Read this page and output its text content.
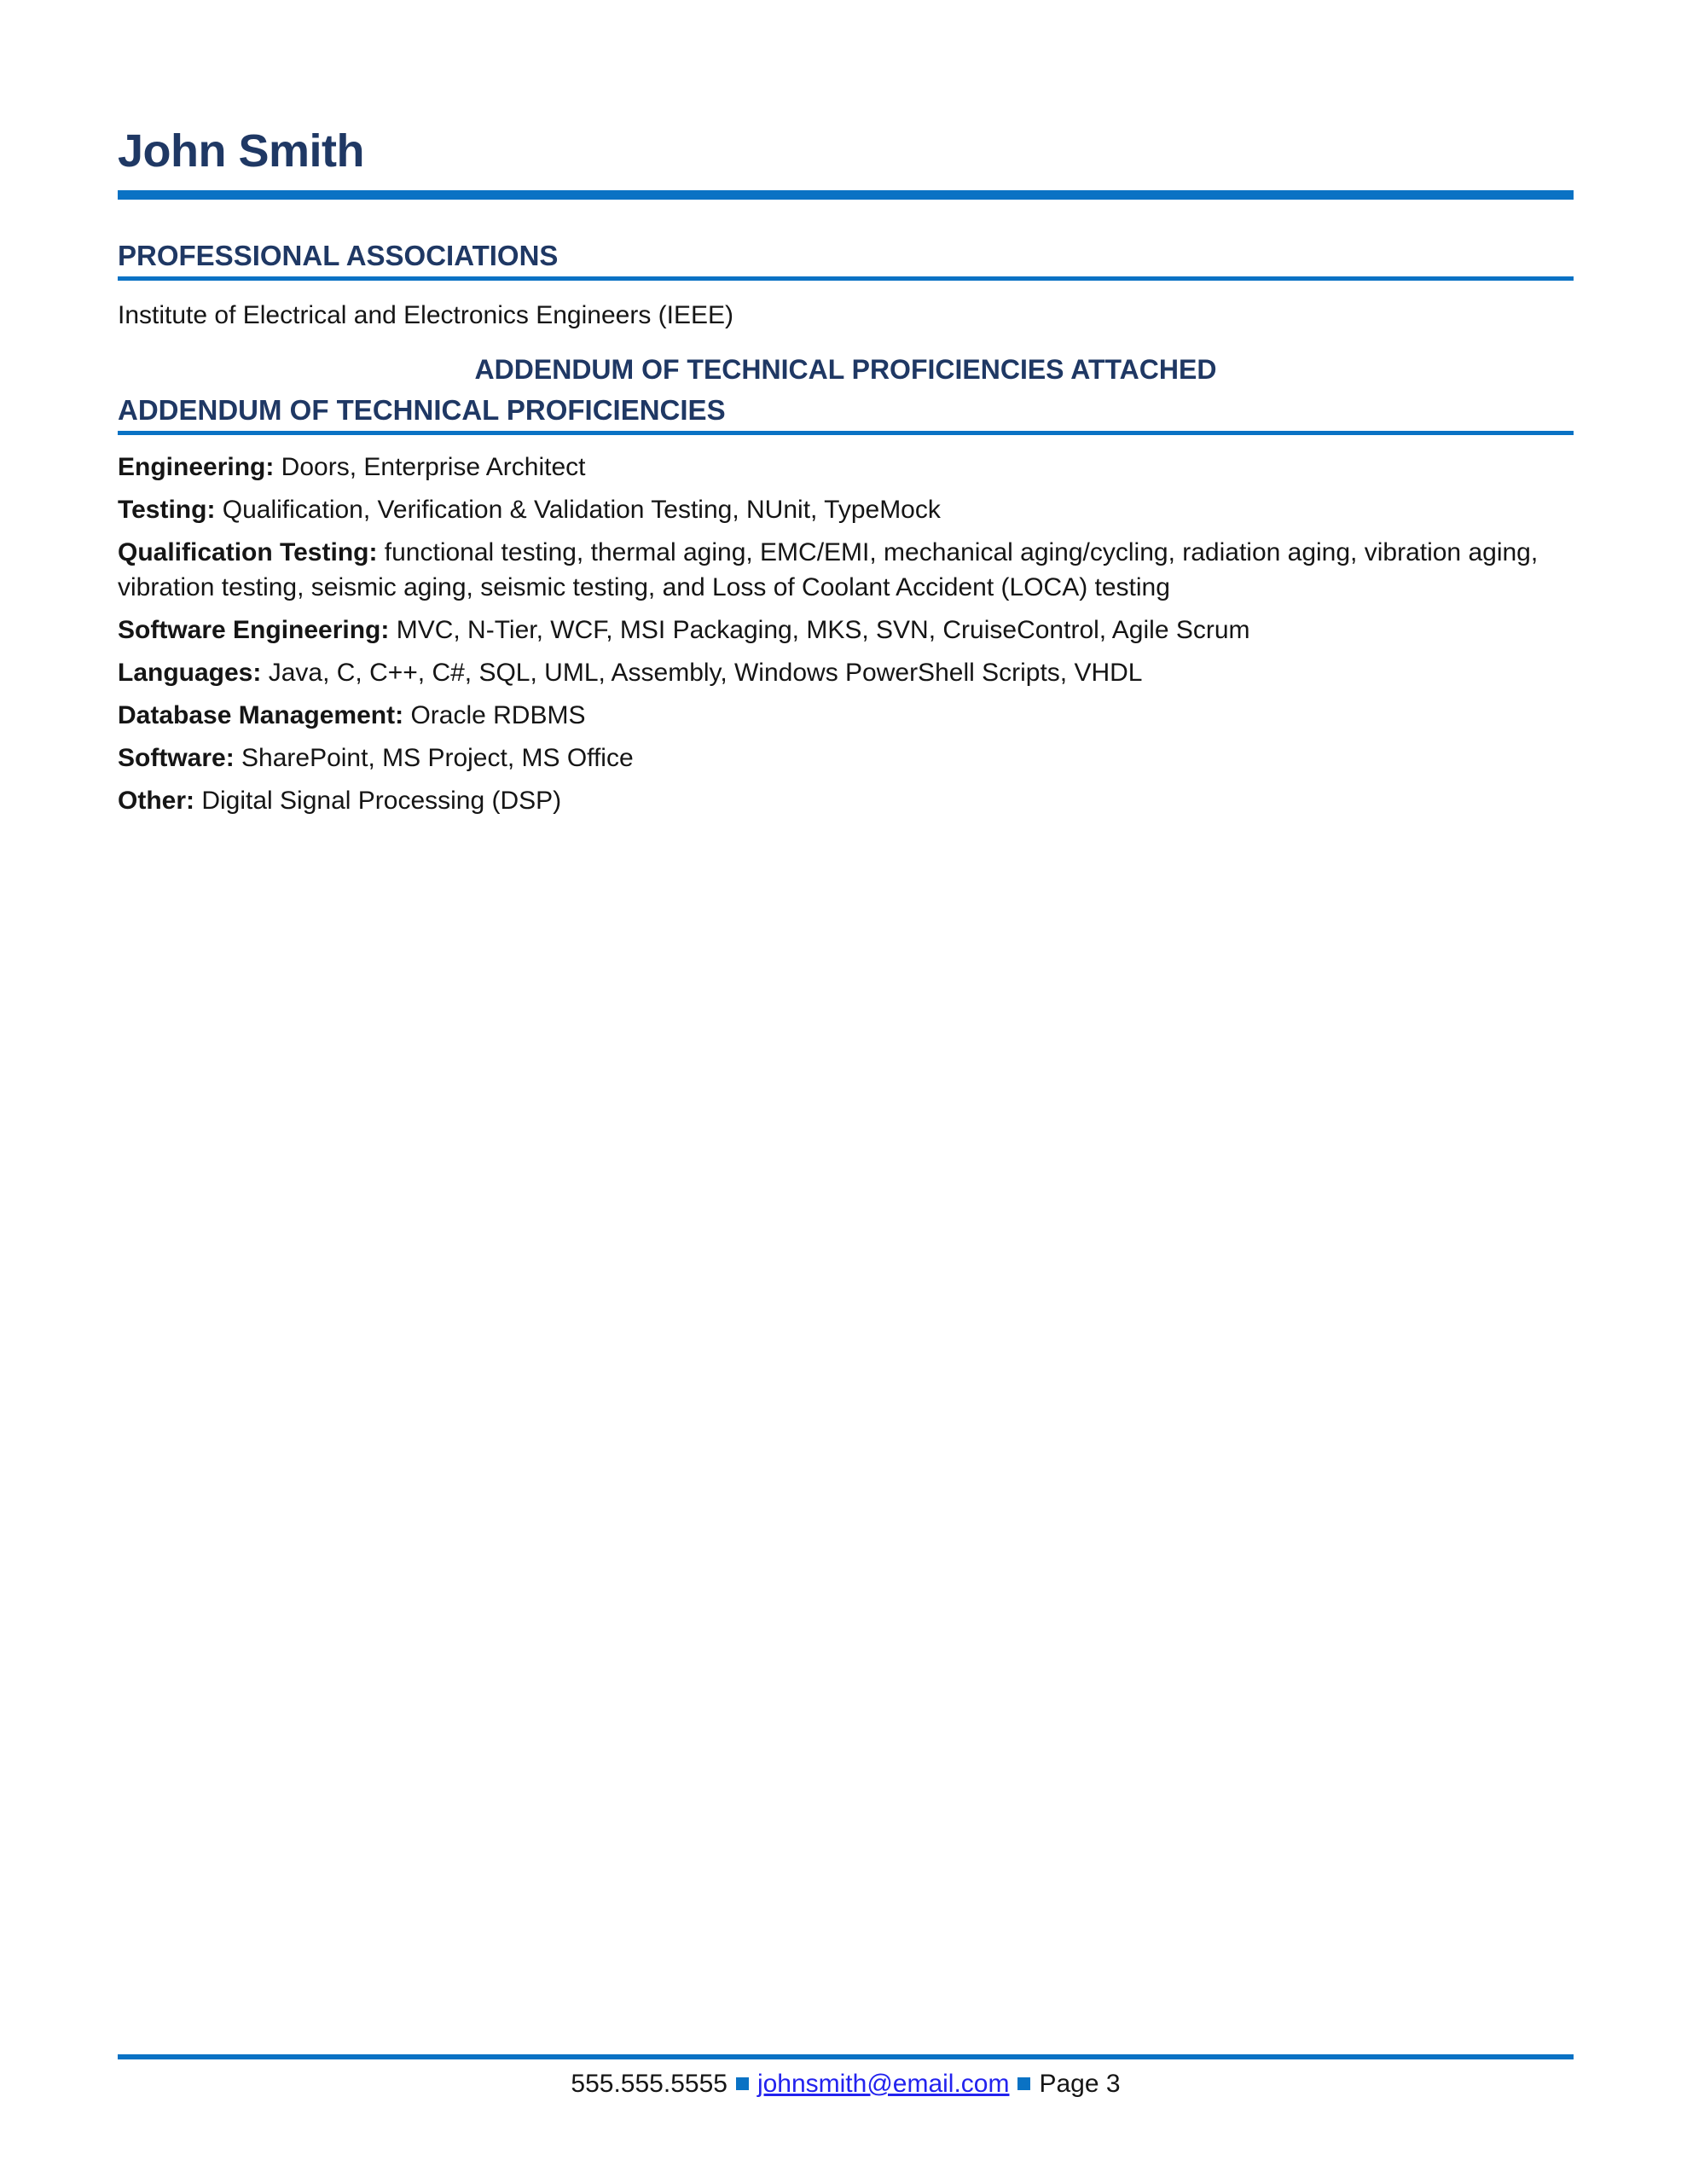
John Smith
PROFESSIONAL ASSOCIATIONS

Institute of Electrical and Electronics Engineers (IEEE)

ADDENDUM OF TECHNICAL PROFICIENCIES ATTACHED

ADDENDUM OF TECHNICAL PROFICIENCIES

Engineering: Doors, Enterprise Architect

Testing: Qualification, Verification & Validation Testing, NUnit, TypeMock

Qualification Testing: functional testing, thermal aging, EMC/EMI, mechanical aging/cycling, radiation aging, vibration aging, vibration testing, seismic aging, seismic testing, and Loss of Coolant Accident (LOCA) testing

Software Engineering: MVC, N-Tier, WCF, MSI Packaging, MKS, SVN, CruiseControl, Agile Scrum

Languages: Java, C, C++, C#, SQL, UML, Assembly, Windows PowerShell Scripts, VHDL

Database Management: Oracle RDBMS

Software: SharePoint, MS Project, MS Office

Other: Digital Signal Processing (DSP)

555.555.5555 johnsmith@email.com Page 3
